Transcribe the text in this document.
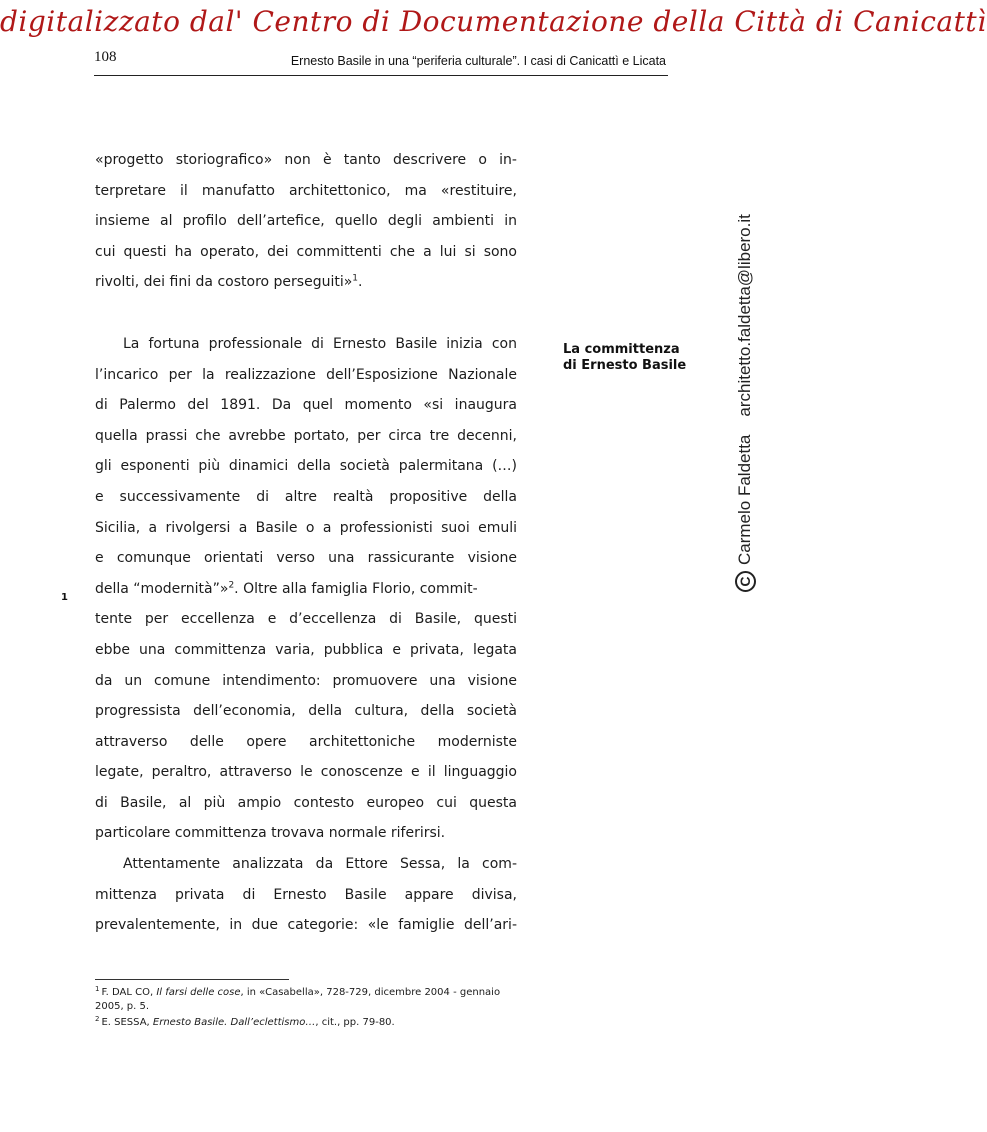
digitalizzato dal' Centro di Documentazione della Città di Canicattì
108	Ernesto Basile in una “periferia culturale”. I casi di Canicattì e Licata
«progetto storiografico» non è tanto descrivere o in-
terpretare il manufatto architettonico, ma «restituire,
insieme al profilo dell’artefice, quello degli ambienti in
cui questi ha operato, dei committenti che a lui si sono
rivolti, dei fini da costoro perseguiti»$^1$.
La fortuna professionale di Ernesto Basile inizia con
l’incarico per la realizzazione dell’Esposizione Nazionale
di Palermo del 1891. Da quel momento «si inaugura
quella prassi che avrebbe portato, per circa tre decenni,
gli esponenti più dinamici della società palermitana (…)
e successivamente di altre realtà propositive della
Sicilia, a rivolgersi a Basile o a professionisti suoi emuli
e comunque orientati verso una rassicurante visione
della “modernità”»$^2$. Oltre alla famiglia Florio, commit-
tente per eccellenza e d’eccellenza di Basile, questi
ebbe una committenza varia, pubblica e privata, legata
da un comune intendimento: promuovere una visione
progressista dell’economia, della cultura, della società
attraverso delle opere architettoniche moderniste
legate, peraltro, attraverso le conoscenze e il linguaggio
di Basile, al più ampio contesto europeo cui questa
particolare committenza trovava normale riferirsi.
Attentamente analizzata da Ettore Sessa, la com-
mittenza privata di Ernesto Basile appare divisa,
prevalentemente, in due categorie: «le famiglie dell’ari-
La committenza di Ernesto Basile
1
$^1$ F. DAL CO, Il farsi delle cose, in «Casabella», 728-729, dicembre 2004 - gennaio 2005, p. 5.
$^2$ E. SESSA, Ernesto Basile. Dall’eclettismo…, cit., pp. 79-80.
CCarmelo Faldettaarchitetto.faldetta@libero.it
